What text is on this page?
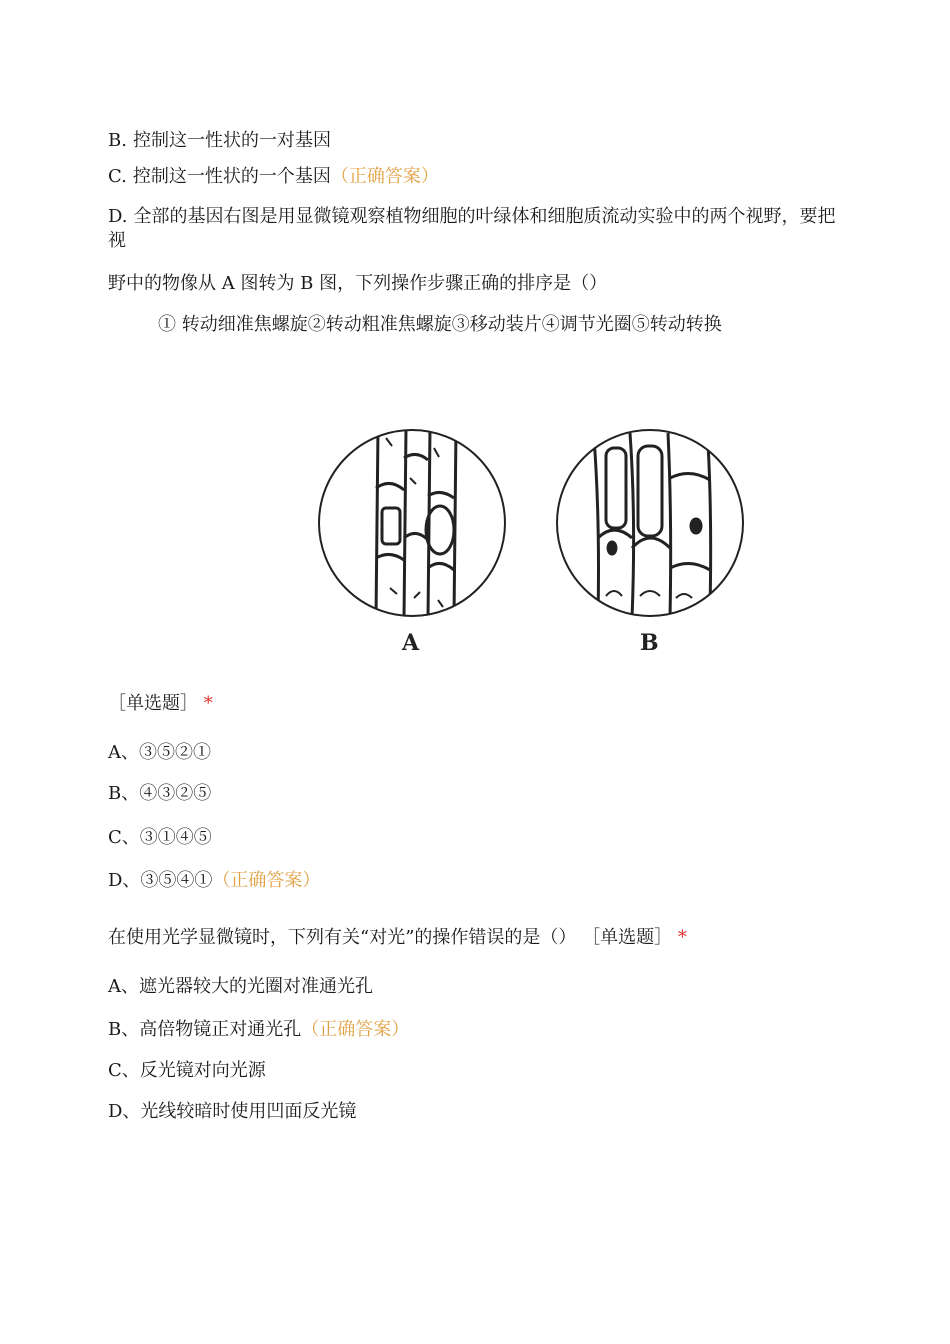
B. 控制这一性状的一对基因
C. 控制这一性状的一个基因（正确答案）
D. 全部的基因右图是用显微镜观察植物细胞的叶绿体和细胞质流动实验中的两个视野，要把视
野中的物像从 A 图转为 B 图，下列操作步骤正确的排序是（）
① 转动细准焦螺旋②转动粗准焦螺旋③移动装片④调节光圈⑤转动转换
A	B
［单选题］ *
A、③⑤②①
B、④③②⑤
C、③①④⑤
D、③⑤④①（正确答案）
在使用光学显微镜时，下列有关“对光”的操作错误的是（） ［单选题］ *
A、遮光器较大的光圈对准通光孔
B、高倍物镜正对通光孔（正确答案）
C、反光镜对向光源
D、光线较暗时使用凹面反光镜
